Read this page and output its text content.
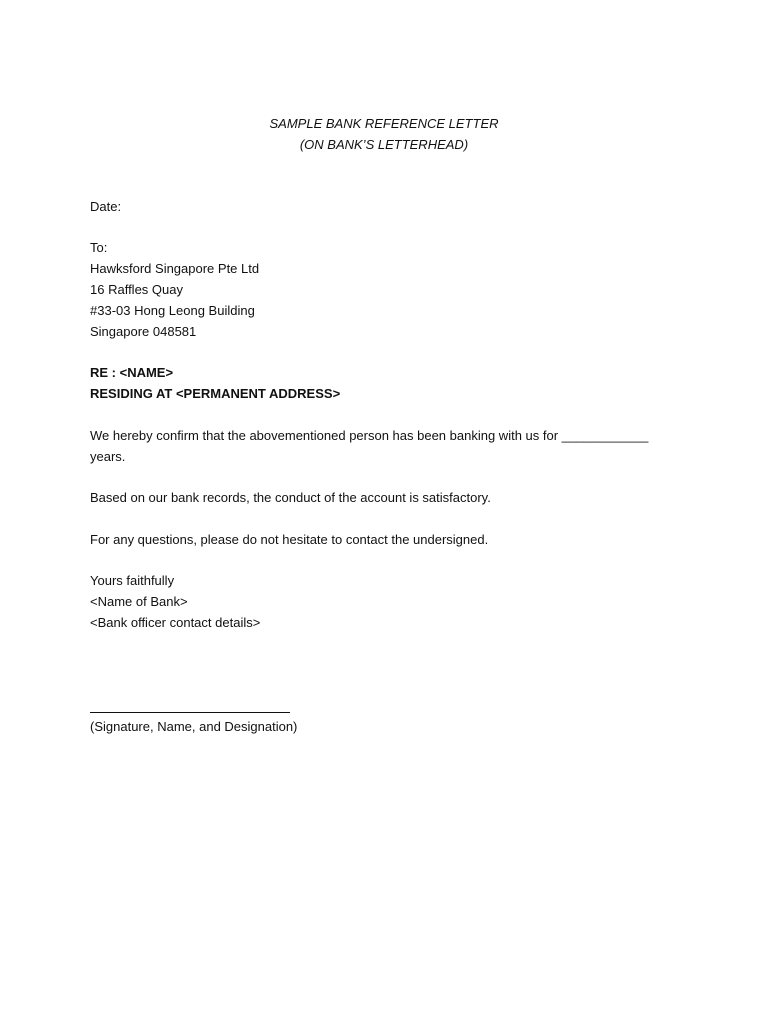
SAMPLE BANK REFERENCE LETTER
(ON BANK’S LETTERHEAD)
Date:
To:
Hawksford Singapore Pte Ltd
16 Raffles Quay
#33-03 Hong Leong Building
Singapore 048581
RE : <NAME>
RESIDING AT <PERMANENT ADDRESS>
We hereby confirm that the abovementioned person has been banking with us for ____________
years.
Based on our bank records, the conduct of the account is satisfactory.
For any questions, please do not hesitate to contact the undersigned.
Yours faithfully
<Name of Bank>
<Bank officer contact details>
(Signature, Name, and Designation)
